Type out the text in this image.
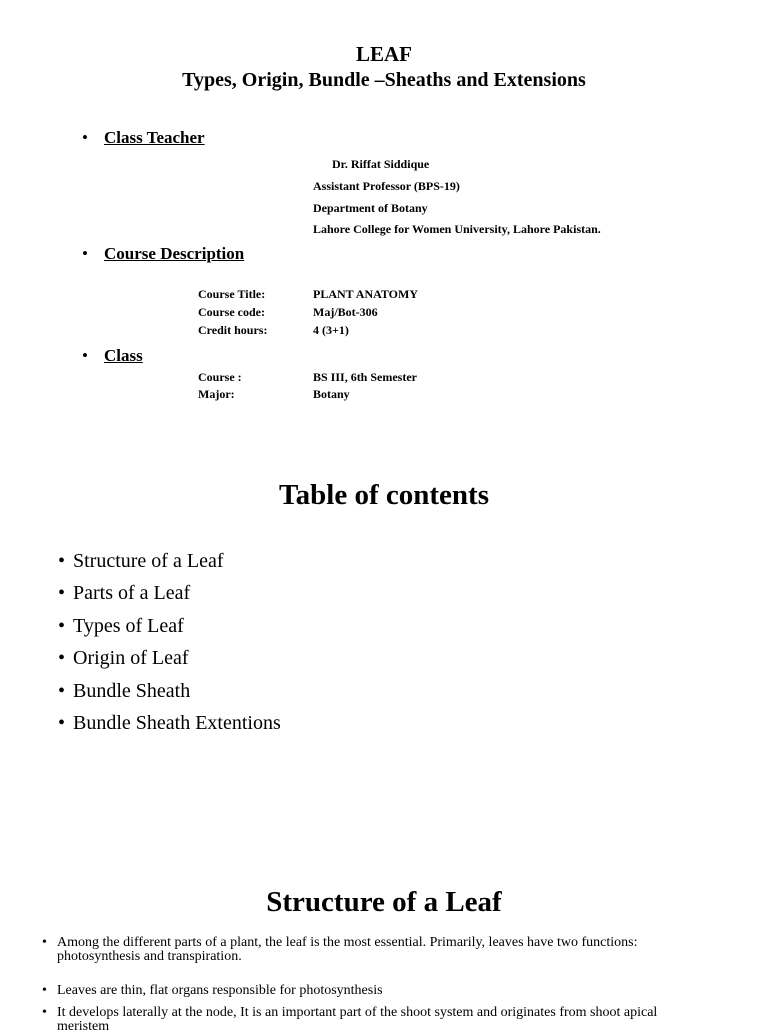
LEAF
Types, Origin, Bundle –Sheaths and Extensions
• Class Teacher
Dr. Riffat Siddique
Assistant Professor (BPS-19)
Department of Botany
Lahore College for Women University, Lahore Pakistan.
• Course Description
Course Title:	PLANT ANATOMY
Course code:	Maj/Bot-306
Credit hours:	4 (3+1)
• Class
Course :	BS III, 6th Semester
Major:	Botany
Table of contents
• Structure of a Leaf
• Parts of a Leaf
• Types of Leaf
• Origin of Leaf
• Bundle Sheath
• Bundle Sheath Extentions
Structure of a Leaf
• Among the different parts of a plant, the leaf is the most essential. Primarily, leaves have two functions: photosynthesis and transpiration.
• Leaves are thin, flat organs responsible for photosynthesis
• It develops laterally at the node, It is an important part of the shoot system and originates from shoot apical meristem
